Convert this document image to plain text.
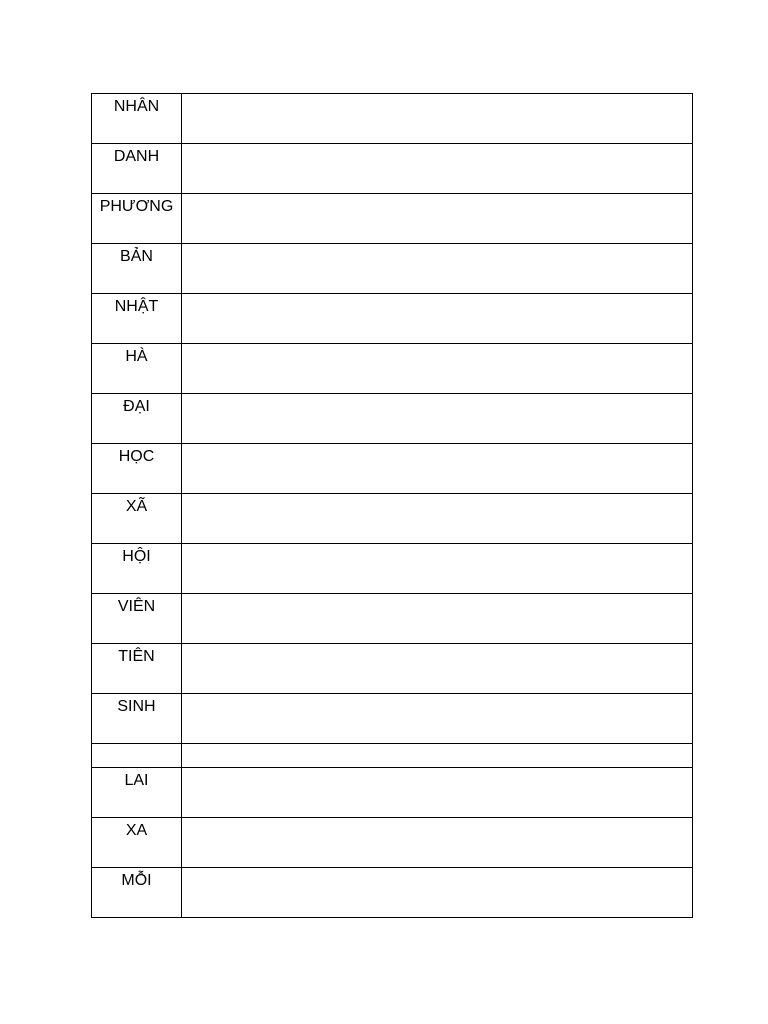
NHÂN	

DANH	

PHƯƠNG	

BẢN	

NHẬT	

HÀ	

ĐẠI	

HỌC	

XÃ	

HỘI	

VIÊN	

TIÊN	

SINH	

LAI	

XA	

MỖI	
